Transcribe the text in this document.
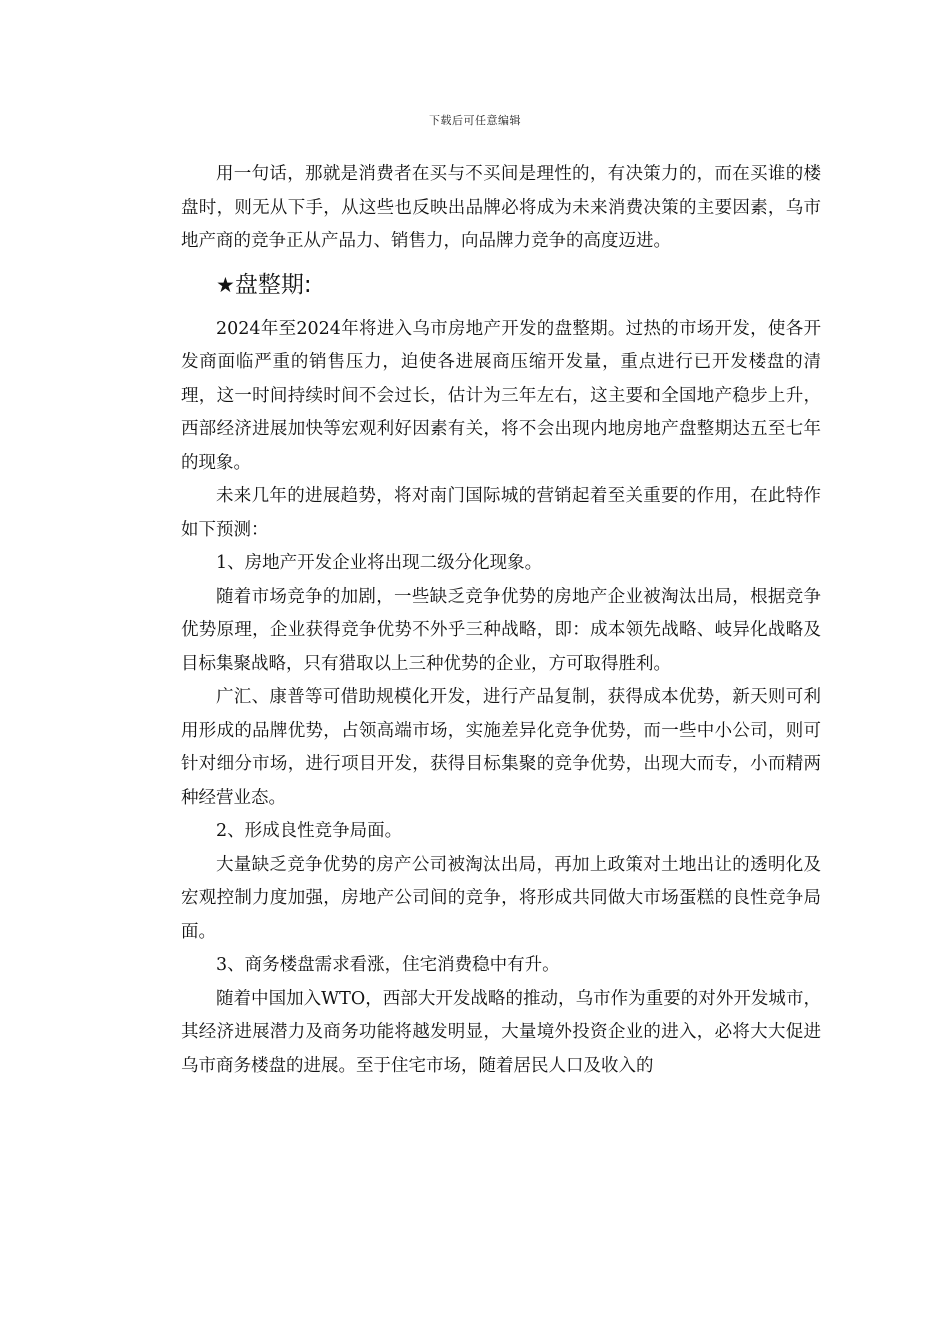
下载后可任意编辑

用一句话，那就是消费者在买与不买间是理性的，有决策力的，而在买谁的楼盘时，则无从下手，从这些也反映出品牌必将成为未来消费决策的主要因素，乌市地产商的竞争正从产品力、销售力，向品牌力竞争的高度迈进。

★盘整期:

2024年至2024年将进入乌市房地产开发的盘整期。过热的市场开发，使各开发商面临严重的销售压力，迫使各进展商压缩开发量，重点进行已开发楼盘的清理，这一时间持续时间不会过长，估计为三年左右，这主要和全国地产稳步上升，西部经济进展加快等宏观利好因素有关，将不会出现内地房地产盘整期达五至七年的现象。

未来几年的进展趋势，将对南门国际城的营销起着至关重要的作用，在此特作如下预测：

1、房地产开发企业将出现二级分化现象。

随着市场竞争的加剧，一些缺乏竞争优势的房地产企业被淘汰出局，根据竞争优势原理，企业获得竞争优势不外乎三种战略，即：成本领先战略、岐异化战略及目标集聚战略，只有猎取以上三种优势的企业，方可取得胜利。

广汇、康普等可借助规模化开发，进行产品复制，获得成本优势，新天则可利用形成的品牌优势，占领高端市场，实施差异化竞争优势，而一些中小公司，则可针对细分市场，进行项目开发，获得目标集聚的竞争优势，出现大而专，小而精两种经营业态。

2、形成良性竞争局面。

大量缺乏竞争优势的房产公司被淘汰出局，再加上政策对土地出让的透明化及宏观控制力度加强，房地产公司间的竞争，将形成共同做大市场蛋糕的良性竞争局面。

3、商务楼盘需求看涨，住宅消费稳中有升。

随着中国加入WTO，西部大开发战略的推动，乌市作为重要的对外开发城市，其经济进展潜力及商务功能将越发明显，大量境外投资企业的进入，必将大大促进乌市商务楼盘的进展。至于住宅市场，随着居民人口及收入的
